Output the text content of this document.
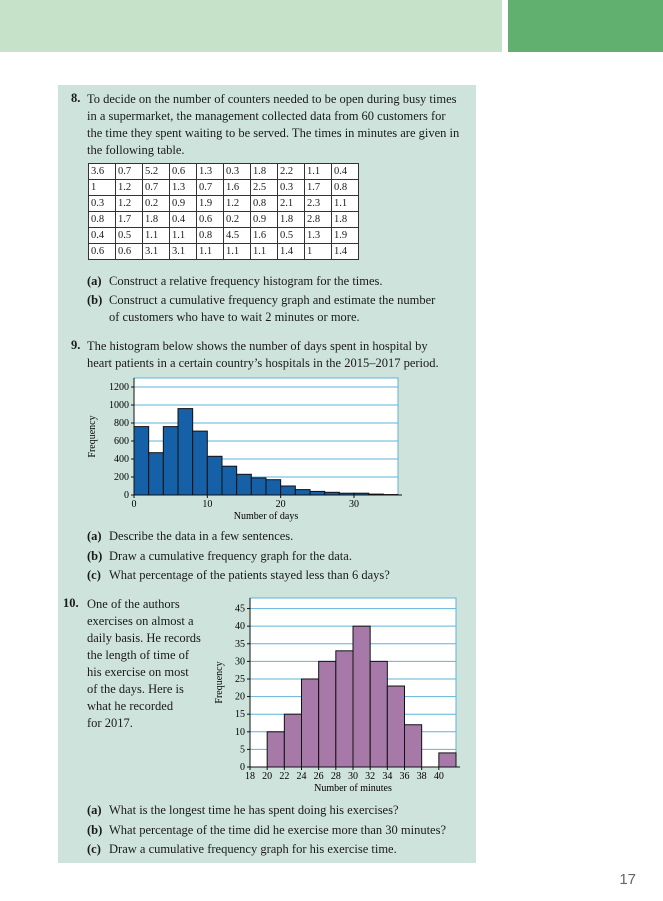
8. To decide on the number of counters needed to be open during busy times
in a supermarket, the management collected data from 60 customers for
the time they spent waiting to be served. The times in minutes are given in
the following table.
3.6	0.7	5.2	0.6	1.3	0.3	1.8	2.2	1.1	0.4
1	1.2	0.7	1.3	0.7	1.6	2.5	0.3	1.7	0.8
0.3	1.2	0.2	0.9	1.9	1.2	0.8	2.1	2.3	1.1
0.8	1.7	1.8	0.4	0.6	0.2	0.9	1.8	2.8	1.8
0.4	0.5	1.1	1.1	0.8	4.5	1.6	0.5	1.3	1.9
0.6	0.6	3.1	3.1	1.1	1.1	1.1	1.4	1	1.4
(a) Construct a relative frequency histogram for the times.
(b) Construct a cumulative frequency graph and estimate the number
of customers who have to wait 2 minutes or more.
9. The histogram below shows the number of days spent in hospital by
heart patients in a certain country’s hospitals in the 2015–2017 period.
0
200
400
600
800
1000
1200
0	10	20	30
Number of days
Frequency
(a) Describe the data in a few sentences.
(b) Draw a cumulative frequency graph for the data.
(c) What percentage of the patients stayed less than 6 days?
10. One of the authors
exercises on almost a
daily basis. He records
the length of time of
his exercise on most
of the days. Here is
what he recorded
for 2017.
0
5
10
15
20
25
30
35
40
45
18 20 22 24 26 28 30 32 34 36 38 40
Number of minutes
Frequency
(a) What is the longest time he has spent doing his exercises?
(b) What percentage of the time did he exercise more than 30 minutes?
(c) Draw a cumulative frequency graph for his exercise time.
17
